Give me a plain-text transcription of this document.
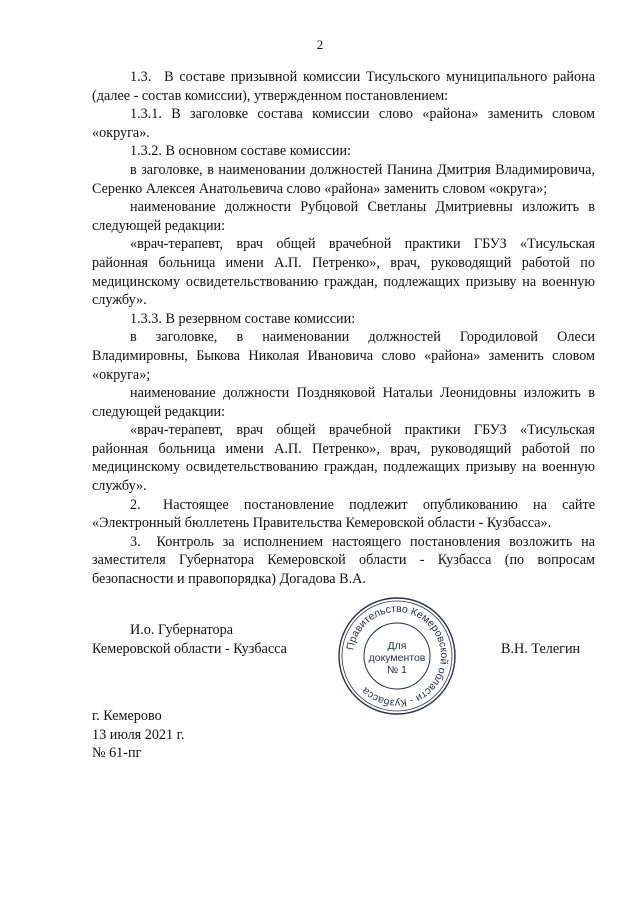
2

1.3.  В составе призывной комиссии Тисульского муниципального района (далее - состав комиссии), утвержденном постановлением:

1.3.1. В заголовке состава комиссии слово «района» заменить словом «округа».

1.3.2. В основном составе комиссии:

в заголовке, в наименовании должностей Панина Дмитрия Владимировича, Серенко Алексея Анатольевича слово «района» заменить словом «округа»;

наименование должности Рубцовой Светланы Дмитриевны изложить в следующей редакции:

«врач-терапевт, врач общей врачебной практики ГБУЗ «Тисульская районная больница имени А.П. Петренко», врач, руководящий работой по медицинскому освидетельствованию граждан, подлежащих призыву на военную службу».

1.3.3. В резервном составе комиссии:

в заголовке, в наименовании должностей Городиловой Олеси Владимировны, Быкова Николая Ивановича слово «района» заменить словом «округа»;

наименование должности Поздняковой Натальи Леонидовны изложить в следующей редакции:

«врач-терапевт, врач общей врачебной практики ГБУЗ «Тисульская районная больница имени А.П. Петренко», врач, руководящий работой по медицинскому освидетельствованию граждан, подлежащих призыву на военную службу».

2.  Настоящее постановление подлежит опубликованию на сайте «Электронный бюллетень Правительства Кемеровской области - Кузбасса».

3.  Контроль за исполнением настоящего постановления возложить на заместителя Губернатора Кемеровской области - Кузбасса (по вопросам безопасности и правопорядка) Догадова В.А.

И.о. Губернатора
Кемеровской области - Кузбасса	Правительство Кемеровской области - Кузбасса
Для
документов
№ 1
В.Н. Телегин
г. Кемерово
13 июля 2021 г.
№ 61-пг
